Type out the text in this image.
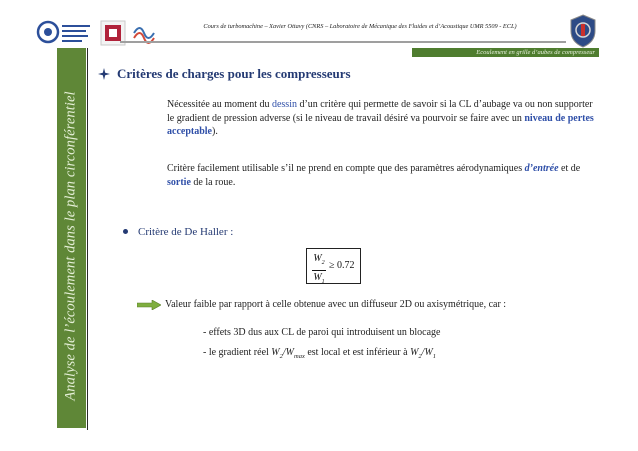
Cours de turbomachine – Xavier Ottavy (CNRS – Laboratoire de Mécanique des Fluides et d’Acoustique UMR 5509 - ECL)
Ecoulement en grille d’aubes de compresseur
Analyse de l’écoulement dans le plan circonférentiel
Critères de charges pour les compresseurs
Nécessitée au moment du dessin d’un critère qui permette de savoir si la CL d’aubage va ou non supporter le gradient de pression adverse (si le niveau de travail désiré va pourvoir se faire avec un niveau de pertes acceptable).
Critère facilement utilisable s’il ne prend en compte que des paramètres aérodynamiques d’entrée et de sortie de la roue.
Critère de De Haller :
$\frac{W_2}{W_1} \ge 0.72$
Valeur faible par rapport à celle obtenue avec un diffuseur 2D ou axisymétrique, car :
- effets 3D dus aux CL de paroi qui introduisent un blocage
- le gradient réel $W_2/W_{max}$ est local et est inférieur à $W_2/W_1$
